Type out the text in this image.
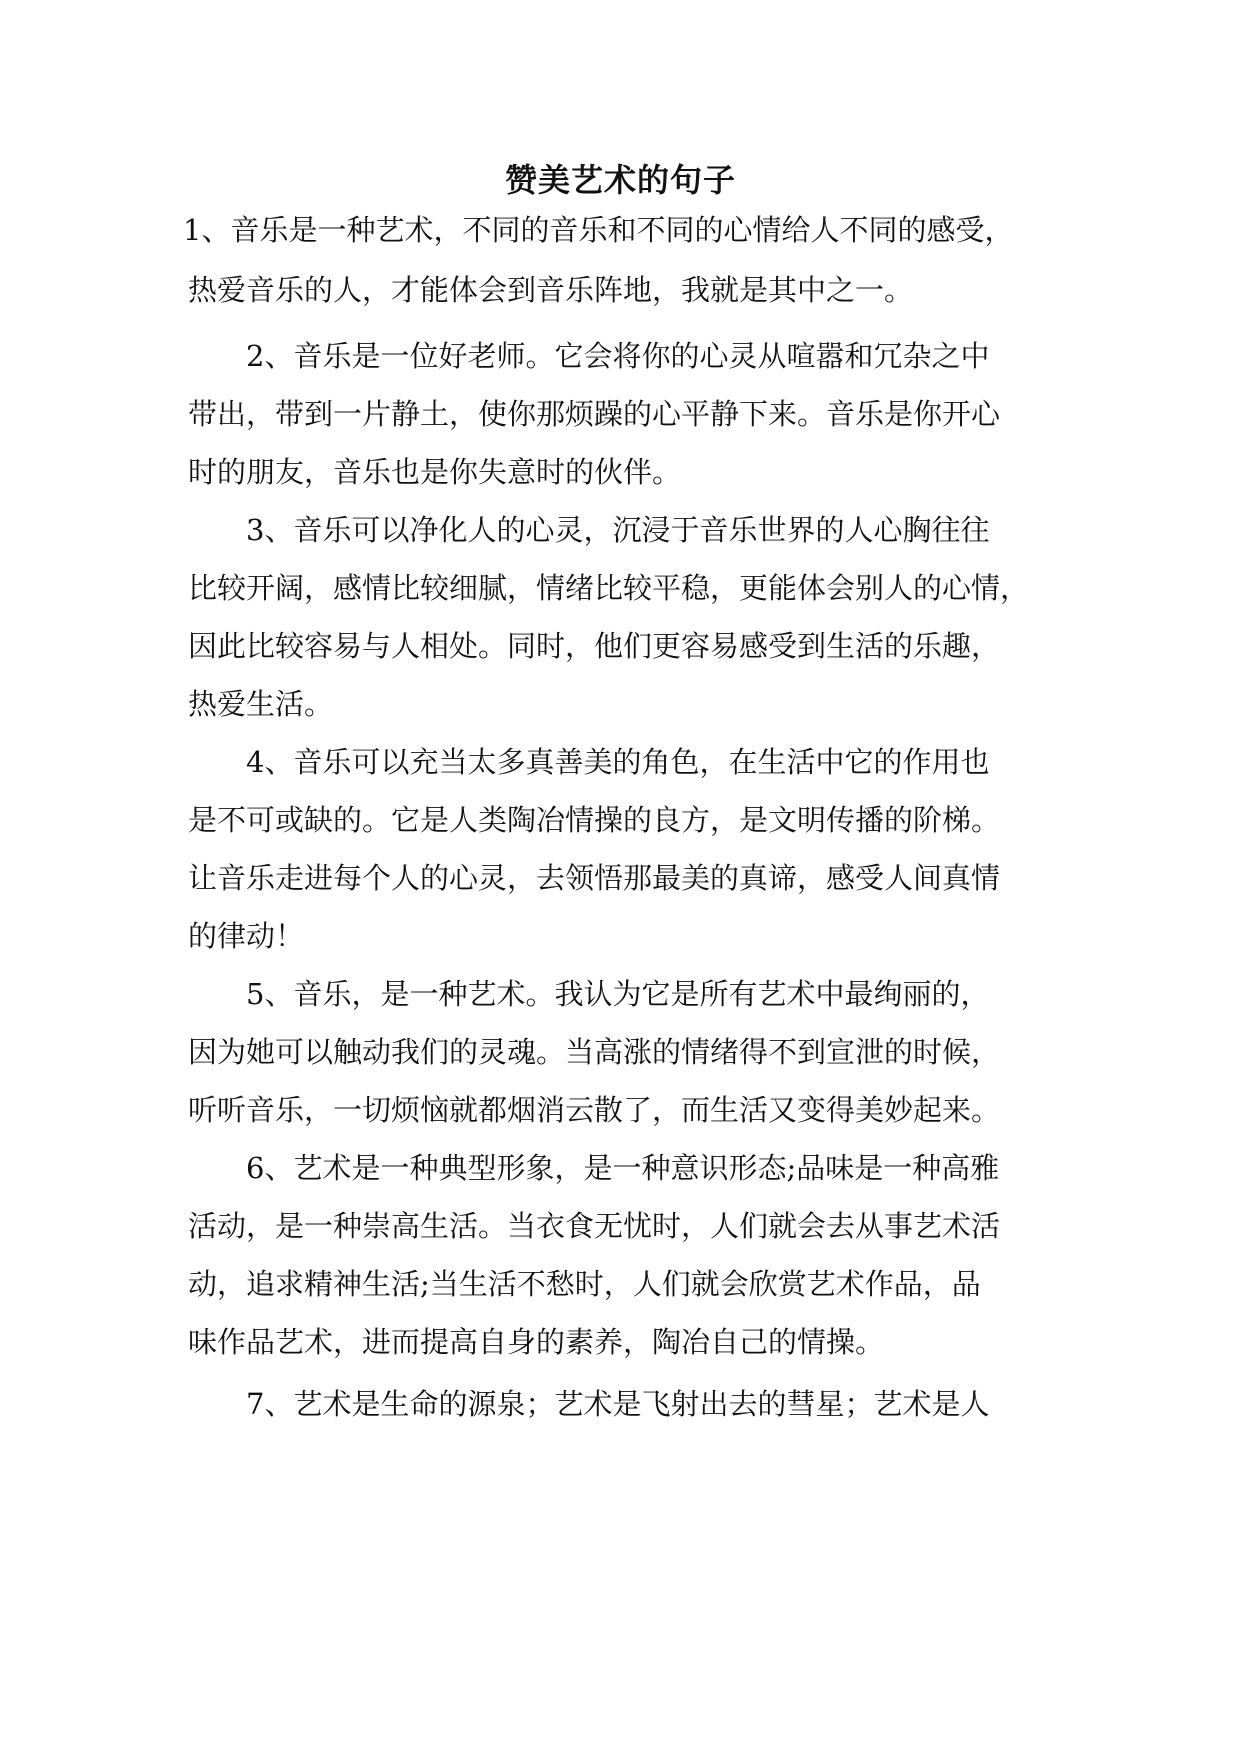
赞美艺术的句子
1、音乐是一种艺术，不同的音乐和不同的心情给人不同的感受，
热爱音乐的人，才能体会到音乐阵地，我就是其中之一。
2、音乐是一位好老师。它会将你的心灵从喧嚣和冗杂之中
带出，带到一片静土，使你那烦躁的心平静下来。音乐是你开心
时的朋友，音乐也是你失意时的伙伴。
3、音乐可以净化人的心灵，沉浸于音乐世界的人心胸往往
比较开阔，感情比较细腻，情绪比较平稳，更能体会别人的心情，
因此比较容易与人相处。同时，他们更容易感受到生活的乐趣，
热爱生活。
4、音乐可以充当太多真善美的角色，在生活中它的作用也
是不可或缺的。它是人类陶冶情操的良方，是文明传播的阶梯。
让音乐走进每个人的心灵，去领悟那最美的真谛，感受人间真情
的律动！
5、音乐，是一种艺术。我认为它是所有艺术中最绚丽的，
因为她可以触动我们的灵魂。当高涨的情绪得不到宣泄的时候，
听听音乐，一切烦恼就都烟消云散了，而生活又变得美妙起来。
6、艺术是一种典型形象，是一种意识形态;品味是一种高雅
活动，是一种崇高生活。当衣食无忧时，人们就会去从事艺术活
动，追求精神生活;当生活不愁时，人们就会欣赏艺术作品，品
味作品艺术，进而提高自身的素养，陶冶自己的情操。
7、艺术是生命的源泉；艺术是飞射出去的彗星；艺术是人
